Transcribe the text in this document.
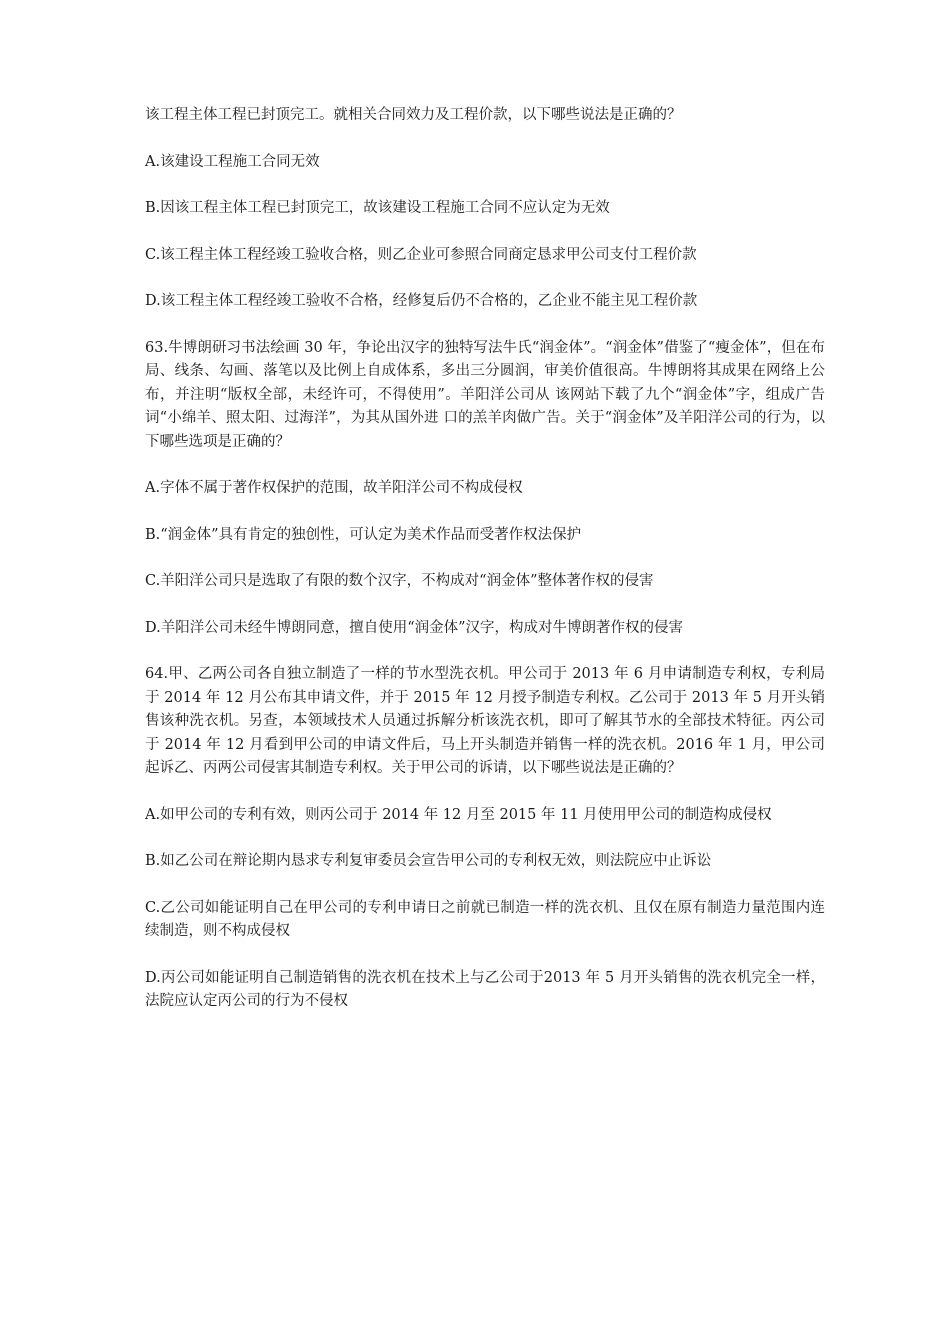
该工程主体工程已封顶完工。就相关合同效力及工程价款，以下哪些说法是正确的？

A.该建设工程施工合同无效

B.因该工程主体工程已封顶完工，故该建设工程施工合同不应认定为无效

C.该工程主体工程经竣工验收合格，则乙企业可参照合同商定恳求甲公司支付工程价款

D.该工程主体工程经竣工验收不合格，经修复后仍不合格的，乙企业不能主见工程价款

63.牛博朗研习书法绘画 30 年，争论出汉字的独特写法牛氏“润金体”。“润金体”借鉴了“瘦金体”，但在布局、线条、勾画、落笔以及比例上自成体系，多出三分圆润，审美价值很高。牛博朗将其成果在网络上公布，并注明“版权全部，未经许可，不得使用”。羊阳洋公司从 该网站下载了九个“润金体”字，组成广告词“小绵羊、照太阳、过海洋”，为其从国外进 口的羔羊肉做广告。关于“润金体”及羊阳洋公司的行为，以下哪些选项是正确的？

A.字体不属于著作权保护的范围，故羊阳洋公司不构成侵权

B.“润金体”具有肯定的独创性，可认定为美术作品而受著作权法保护

C.羊阳洋公司只是选取了有限的数个汉字，不构成对“润金体”整体著作权的侵害

D.羊阳洋公司未经牛博朗同意，擅自使用“润金体”汉字，构成对牛博朗著作权的侵害

64.甲、乙两公司各自独立制造了一样的节水型洗衣机。甲公司于 2013 年 6 月申请制造专利权，专利局于 2014 年 12 月公布其申请文件，并于 2015 年 12 月授予制造专利权。乙公司于 2013 年 5 月开头销售该种洗衣机。另查，本领域技术人员通过拆解分析该洗衣机，即可了解其节水的全部技术特征。丙公司于 2014 年 12 月看到甲公司的申请文件后，马上开头制造并销售一样的洗衣机。2016 年 1 月，甲公司起诉乙、丙两公司侵害其制造专利权。关于甲公司的诉请，以下哪些说法是正确的？

A.如甲公司的专利有效，则丙公司于 2014 年 12 月至 2015 年 11 月使用甲公司的制造构成侵权

B.如乙公司在辩论期内恳求专利复审委员会宣告甲公司的专利权无效，则法院应中止诉讼

C.乙公司如能证明自己在甲公司的专利申请日之前就已制造一样的洗衣机、且仅在原有制造力量范围内连续制造，则不构成侵权

D.丙公司如能证明自己制造销售的洗衣机在技术上与乙公司于2013 年 5 月开头销售的洗衣机完全一样，法院应认定丙公司的行为不侵权
